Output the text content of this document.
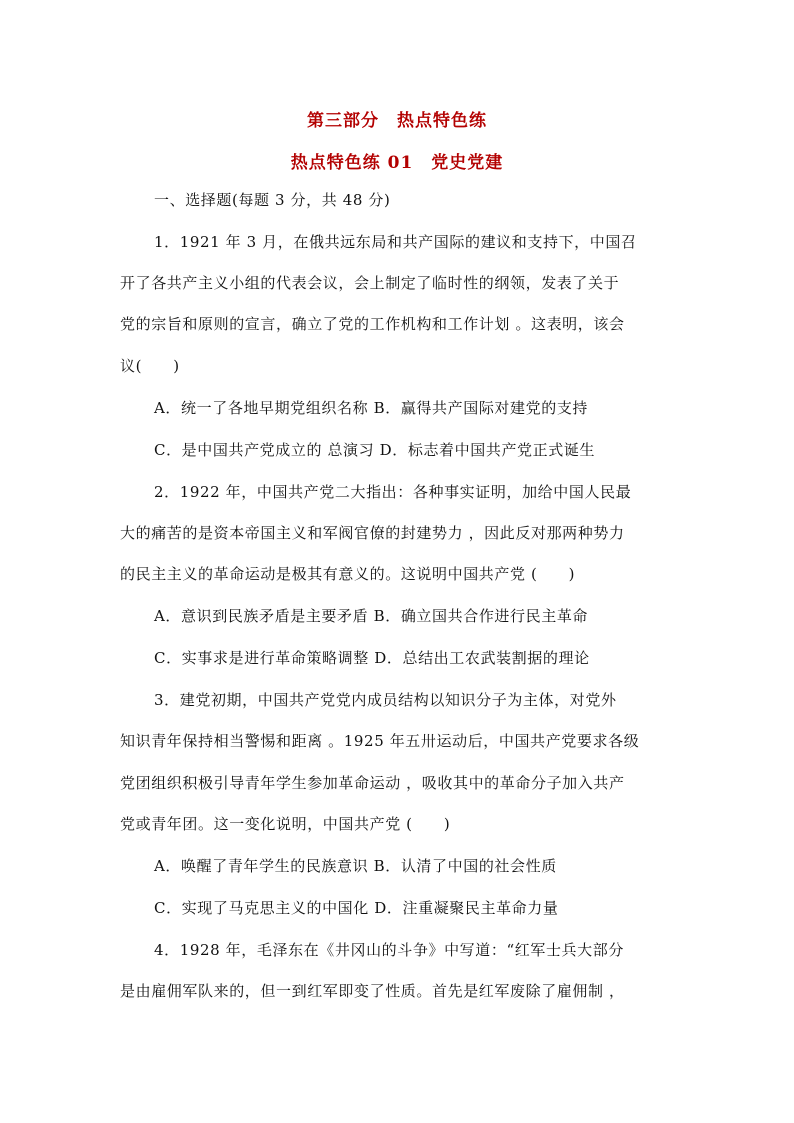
第三部分　热点特色练
热点特色练 01　党史党建
一、选择题(每题 3 分，共 48 分)
1．1921 年 3 月，在俄共远东局和共产国际的建议和支持下，中国召
开了各共产主义小组的代表会议，会上制定了临时性的纲领，发表了关于
党的宗旨和原则的宣言，确立了党的工作机构和工作计划 。这表明，该会
议(　　)
A．统一了各地早期党组织名称 B．赢得共产国际对建党的支持
C．是中国共产党成立的 总演习 D．标志着中国共产党正式诞生
2．1922 年，中国共产党二大指出：各种事实证明，加给中国人民最
大的痛苦的是资本帝国主义和军阀官僚的封建势力 ，因此反对那两种势力
的民主主义的革命运动是极其有意义的。这说明中国共产党 (　　)
A．意识到民族矛盾是主要矛盾 B．确立国共合作进行民主革命
C．实事求是进行革命策略调整 D．总结出工农武装割据的理论
3．建党初期，中国共产党党内成员结构以知识分子为主体，对党外
知识青年保持相当警惕和距离 。1925 年五卅运动后，中国共产党要求各级
党团组织积极引导青年学生参加革命运动 ，吸收其中的革命分子加入共产
党或青年团。这一变化说明，中国共产党 (　　)
A．唤醒了青年学生的民族意识 B．认清了中国的社会性质
C．实现了马克思主义的中国化 D．注重凝聚民主革命力量
4．1928 年，毛泽东在《井冈山的斗争》中写道：“红军士兵大部分
是由雇佣军队来的，但一到红军即变了性质。首先是红军废除了雇佣制 ，
